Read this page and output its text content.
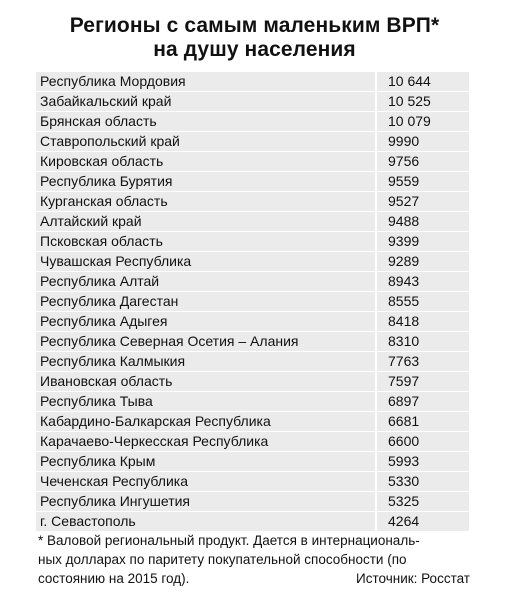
Регионы с самым маленьким ВРП*
на душу населения
Республика Мордовия	10 644
Забайкальский край	10 525
Брянская область	10 079
Ставропольский край	9990
Кировская область	9756
Республика Бурятия	9559
Курганская область	9527
Алтайский край	9488
Псковская область	9399
Чувашская Республика	9289
Республика Алтай	8943
Республика Дагестан	8555
Республика Адыгея	8418
Республика Северная Осетия – Алания	8310
Республика Калмыкия	7763
Ивановская область	7597
Республика Тыва	6897
Кабардино-Балкарская Республика	6681
Карачаево-Черкесская Республика	6600
Республика Крым	5993
Чеченская Республика	5330
Республика Ингушетия	5325
г. Севастополь	4264
* Валовой региональный продукт. Дается в интернациональ-
ных долларах по паритету покупательной способности (по
состоянию на 2015 год).	Источник: Росстат
